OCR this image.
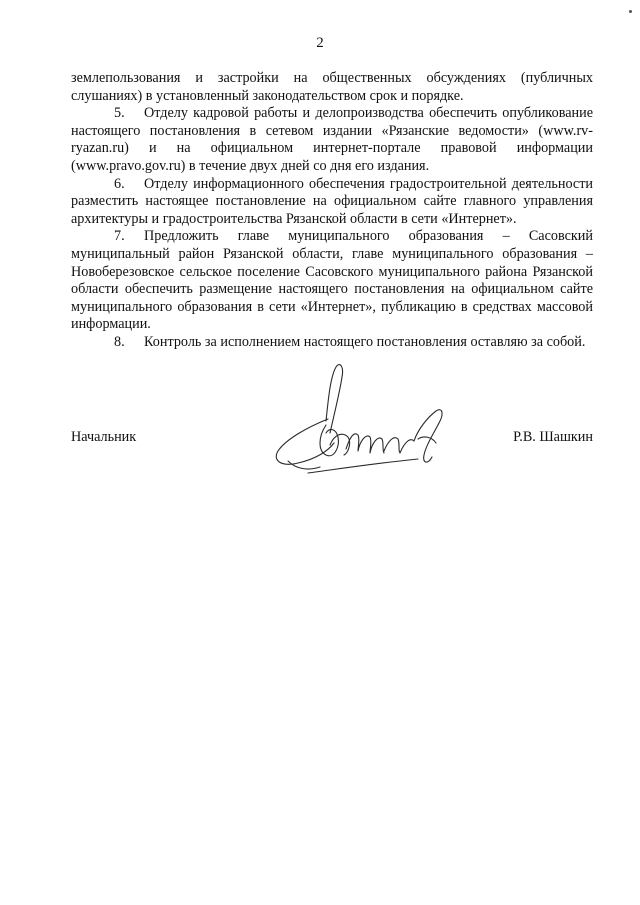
2

землепользования и застройки на общественных обсуждениях (публичных слушаниях) в установленный законодательством срок и порядке.

5. Отделу кадровой работы и делопроизводства обеспечить опубликование настоящего постановления в сетевом издании «Рязанские ведомости» (www.rv-ryazan.ru) и на официальном интернет-портале правовой информации (www.pravo.gov.ru) в течение двух дней со дня его издания.

6. Отделу информационного обеспечения градостроительной деятельности разместить настоящее постановление на официальном сайте главного управления архитектуры и градостроительства Рязанской области в сети «Интернет».

7. Предложить главе муниципального образования – Сасовский муниципальный район Рязанской области, главе муниципального образования – Новоберезовское сельское поселение Сасовского муниципального района Рязанской области обеспечить размещение настоящего постановления на официальном сайте муниципального образования в сети «Интернет», публикацию в средствах массовой информации.

8. Контроль за исполнением настоящего постановления оставляю за собой.

Начальник	Р.В. Шашкин
